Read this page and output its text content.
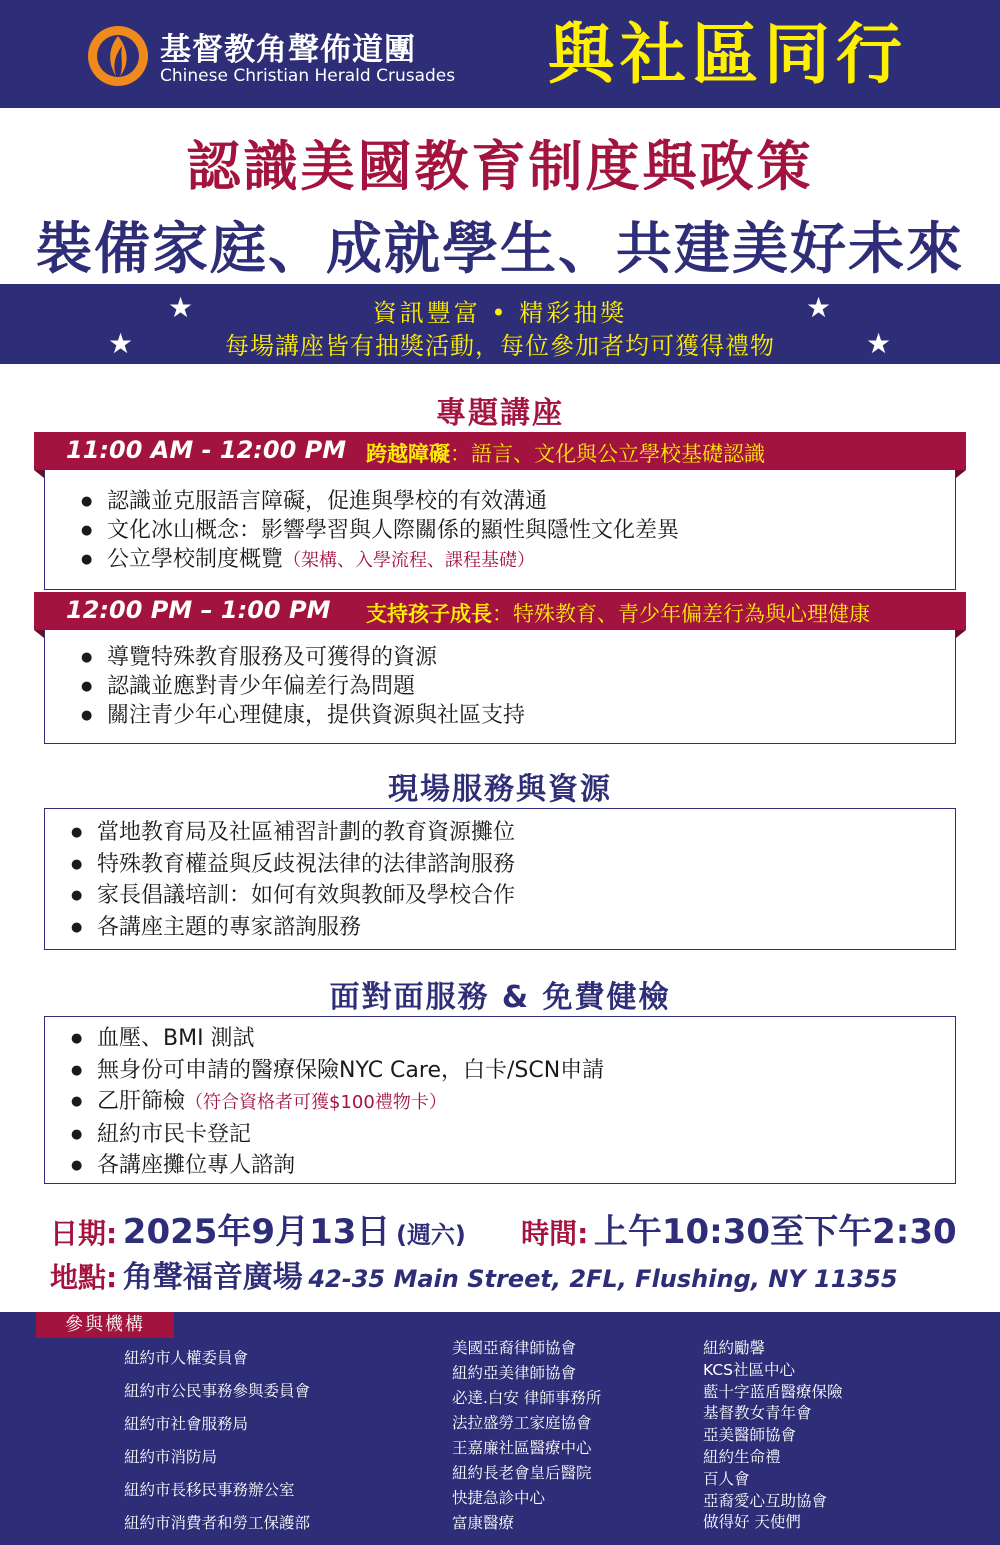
基督教角聲佈道團
Chinese Christian Herald Crusades 與社區同行
認識美國教育制度與政策
裝備家庭、成就學生、共建美好未來
★	★
★	★
資訊豐富 • 精彩抽獎
每場講座皆有抽獎活動，每位參加者均可獲得禮物
專題講座
● 認識並克服語言障礙，促進與學校的有效溝通
● 文化冰山概念：影響學習與人際關係的顯性與隱性文化差異
● 公立學校制度概覽（架構、入學流程、課程基礎）
11:00 AM - 12:00 PM 跨越障礙：語言、文化與公立學校基礎認識
● 導覽特殊教育服務及可獲得的資源
● 認識並應對青少年偏差行為問題
● 關注青少年心理健康，提供資源與社區支持
12:00 PM – 1:00 PM 支持孩子成長：特殊教育、青少年偏差行為與心理健康
現場服務與資源
● 當地教育局及社區補習計劃的教育資源攤位
● 特殊教育權益與反歧視法律的法律諮詢服務
● 家長倡議培訓：如何有效與教師及學校合作
● 各講座主題的專家諮詢服務
面對面服務 & 免費健檢
● 血壓、BMI 測試
● 無身份可申請的醫療保險NYC Care，白卡/SCN申請
● 乙肝篩檢（符合資格者可獲$100禮物卡）
● 紐約市民卡登記
● 各講座攤位專人諮詢
日期: 2025年9月13日 (週六) 時間: 上午10:30至下午2:30
地點: 角聲福音廣場 42-35 Main Street, 2FL, Flushing, NY 11355
參與機構
紐約市人權委員會
紐約市公民事務參與委員會
紐約市社會服務局
紐約市消防局
紐約市長移民事務辦公室
紐約市消費者和勞工保護部
美國亞裔律師協會
紐約亞美律師協會
必達.白安 律師事務所
法拉盛勞工家庭協會
王嘉廉社區醫療中心
紐約長老會皇后醫院
快捷急診中心
富康醫療
紐約勵馨
KCS社區中心
藍十字蓝盾醫療保險
基督教女青年會
亞美醫師協會
紐約生命禮
百人會
亞裔愛心互助協會
做得好 天使們
